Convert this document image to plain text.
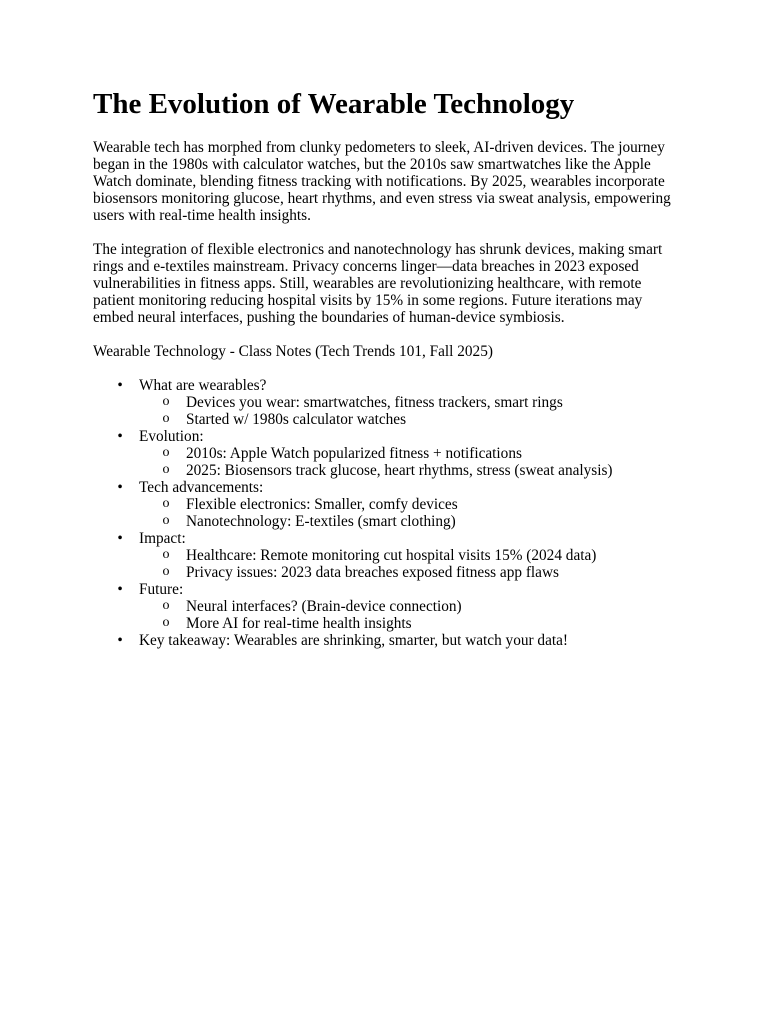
The Evolution of Wearable Technology

Wearable tech has morphed from clunky pedometers to sleek, AI-driven devices. The journey began in the 1980s with calculator watches, but the 2010s saw smartwatches like the Apple Watch dominate, blending fitness tracking with notifications. By 2025, wearables incorporate biosensors monitoring glucose, heart rhythms, and even stress via sweat analysis, empowering users with real-time health insights.

The integration of flexible electronics and nanotechnology has shrunk devices, making smart rings and e-textiles mainstream. Privacy concerns linger—data breaches in 2023 exposed vulnerabilities in fitness apps. Still, wearables are revolutionizing healthcare, with remote patient monitoring reducing hospital visits by 15% in some regions. Future iterations may embed neural interfaces, pushing the boundaries of human-device symbiosis.

Wearable Technology - Class Notes (Tech Trends 101, Fall 2025)

• What are wearables?
o Devices you wear: smartwatches, fitness trackers, smart rings
o Started w/ 1980s calculator watches
• Evolution:
o 2010s: Apple Watch popularized fitness + notifications
o 2025: Biosensors track glucose, heart rhythms, stress (sweat analysis)
• Tech advancements:
o Flexible electronics: Smaller, comfy devices
o Nanotechnology: E-textiles (smart clothing)
• Impact:
o Healthcare: Remote monitoring cut hospital visits 15% (2024 data)
o Privacy issues: 2023 data breaches exposed fitness app flaws
• Future:
o Neural interfaces? (Brain-device connection)
o More AI for real-time health insights
• Key takeaway: Wearables are shrinking, smarter, but watch your data!
